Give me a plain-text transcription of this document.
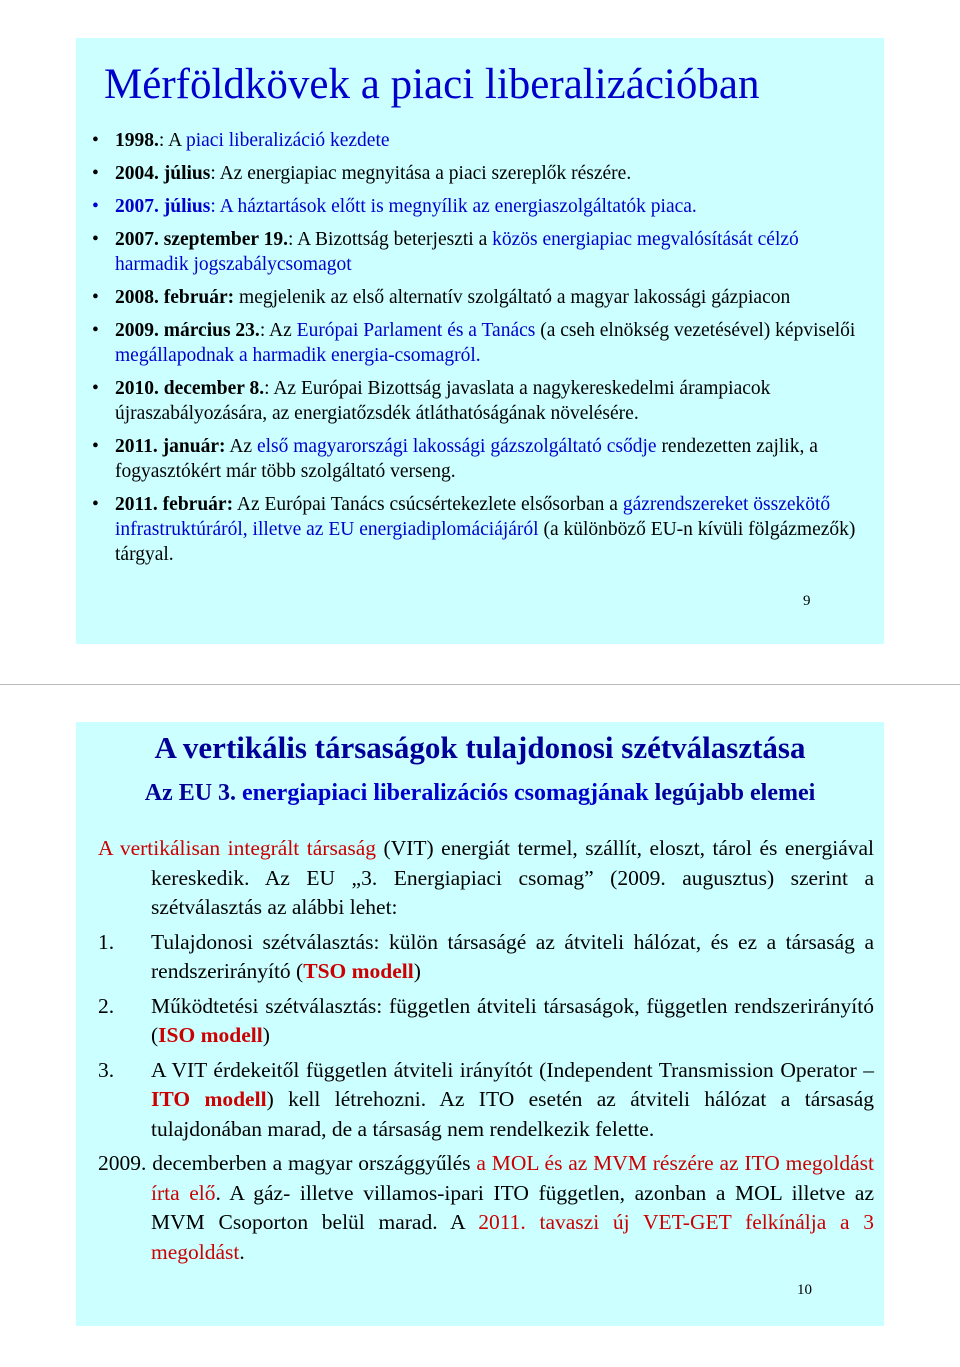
Mérföldkövek a piaci liberalizációban
• 1998.: A piaci liberalizáció kezdete
• 2004. július: Az energiapiac megnyitása a piaci szereplők részére.
• 2007. július: A háztartások előtt is megnyílik az energiaszolgáltatók piaca.
• 2007. szeptember 19.: A Bizottság beterjeszti a közös energiapiac megvalósítását célzó harmadik jogszabálycsomagot
• 2008. február: megjelenik az első alternatív szolgáltató a magyar lakossági gázpiacon
• 2009. március 23.: Az Európai Parlament és a Tanács (a cseh elnökség vezetésével) képviselői megállapodnak a harmadik energia-csomagról.
• 2010. december 8.: Az Európai Bizottság javaslata a nagykereskedelmi árampiacok újraszabályozására, az energiatőzsdék átláthatóságának növelésére.
• 2011. január: Az első magyarországi lakossági gázszolgáltató csődje rendezetten zajlik, a fogyasztókért már több szolgáltató verseng.
• 2011. február: Az Európai Tanács csúcsértekezlete elsősorban a gázrendszereket összekötő infrastruktúráról, illetve az EU energiadiplomáciájáról (a különböző EU-n kívüli fölgázmezők) tárgyal.
9
A vertikális társaságok tulajdonosi szétválasztása
Az EU 3. energiapiaci liberalizációs csomagjának legújabb elemei
A vertikálisan integrált társaság (VIT) energiát termel, szállít, eloszt, tárol és energiával kereskedik. Az EU „3. Energiapiaci csomag” (2009. augusztus) szerint a szétválasztás az alábbi lehet:
1. Tulajdonosi szétválasztás: külön társaságé az átviteli hálózat, és ez a társaság a rendszerirányító (TSO modell)
2. Működtetési szétválasztás: független átviteli társaságok, független rendszerirányító (ISO modell)
3. A VIT érdekeitől független átviteli irányítót (Independent Transmission Operator – ITO modell) kell létrehozni. Az ITO esetén az átviteli hálózat a társaság tulajdonában marad, de a társaság nem rendelkezik felette.
2009. decemberben a magyar országgyűlés a MOL és az MVM részére az ITO megoldást írta elő. A gáz- illetve villamos-ipari ITO független, azonban a MOL illetve az MVM Csoporton belül marad. A 2011. tavaszi új VET-GET felkínálja a 3 megoldást.
10
